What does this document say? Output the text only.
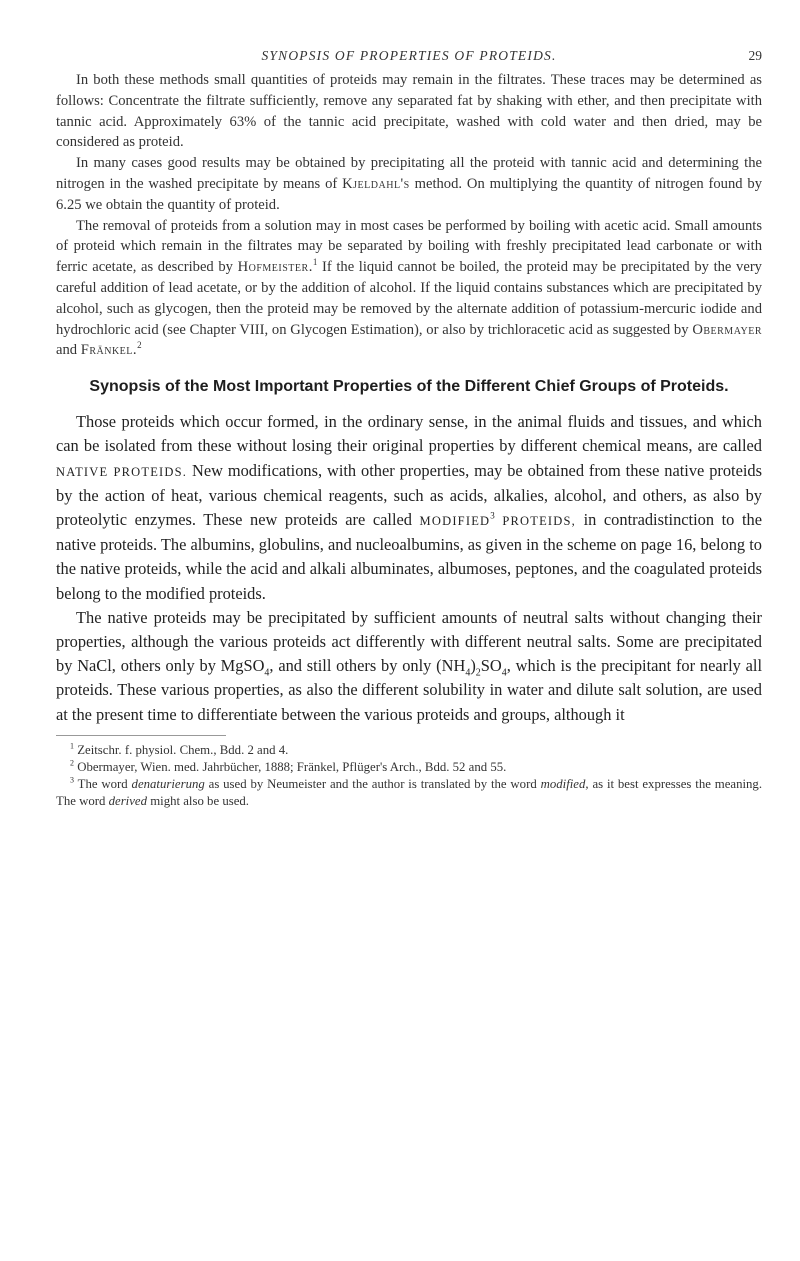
SYNOPSIS OF PROPERTIES OF PROTEIDS.	29

In both these methods small quantities of proteids may remain in the filtrates. These traces may be determined as follows: Concentrate the filtrate sufficiently, remove any separated fat by shaking with ether, and then precipitate with tannic acid. Approximately 63% of the tannic acid precipitate, washed with cold water and then dried, may be considered as proteid.

In many cases good results may be obtained by precipitating all the proteid with tannic acid and determining the nitrogen in the washed precipitate by means of Kjeldahl's method. On multiplying the quantity of nitrogen found by 6.25 we obtain the quantity of proteid.

The removal of proteids from a solution may in most cases be performed by boiling with acetic acid. Small amounts of proteid which remain in the filtrates may be separated by boiling with freshly precipitated lead carbonate or with ferric acetate, as described by Hofmeister.$^1$ If the liquid cannot be boiled, the proteid may be precipitated by the very careful addition of lead acetate, or by the addition of alcohol. If the liquid contains substances which are precipitated by alcohol, such as glycogen, then the proteid may be removed by the alternate addition of potassium-mercuric iodide and hydrochloric acid (see Chapter VIII, on Glycogen Estimation), or also by trichloracetic acid as suggested by Obermayer and Fränkel.$^2$

Synopsis of the Most Important Properties of the Different Chief Groups of Proteids.

Those proteids which occur formed, in the ordinary sense, in the animal fluids and tissues, and which can be isolated from these without losing their original properties by different chemical means, are called NATIVE PROTEIDS. New modifications, with other properties, may be obtained from these native proteids by the action of heat, various chemical reagents, such as acids, alkalies, alcohol, and others, as also by proteolytic enzymes. These new proteids are called MODIFIED$^3$ PROTEIDS, in contradistinction to the native proteids. The albumins, globulins, and nucleoalbumins, as given in the scheme on page 16, belong to the native proteids, while the acid and alkali albuminates, albumoses, peptones, and the coagulated proteids belong to the modified proteids.

The native proteids may be precipitated by sufficient amounts of neutral salts without changing their properties, although the various proteids act differently with different neutral salts. Some are precipitated by NaCl, others only by MgSO$_4$, and still others by only $(NH_4)_2SO_4$, which is the precipitant for nearly all proteids. These various properties, as also the different solubility in water and dilute salt solution, are used at the present time to differentiate between the various proteids and groups, although it

$^1$ Zeitschr. f. physiol. Chem., Bdd. 2 and 4.

$^2$ Obermayer, Wien. med. Jahrbücher, 1888; Fränkel, Pflüger's Arch., Bdd. 52 and 55.

$^3$ The word denaturierung as used by Neumeister and the author is translated by the word modified, as it best expresses the meaning. The word derived might also be used.
